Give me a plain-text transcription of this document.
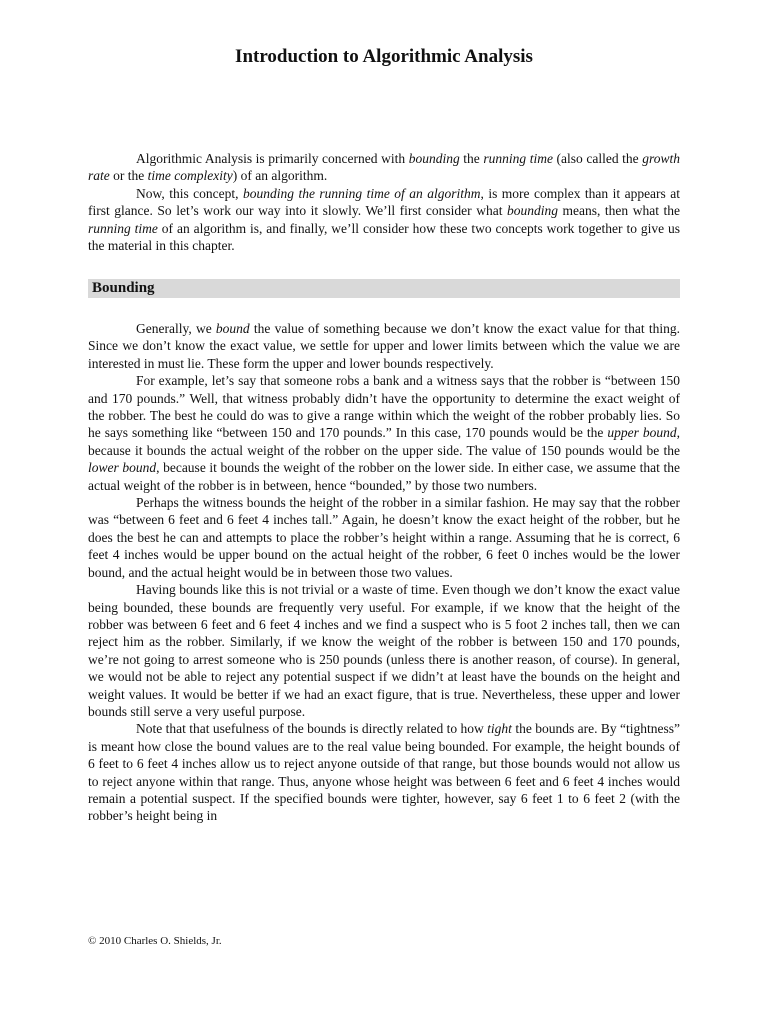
Introduction to Algorithmic Analysis

Algorithmic Analysis is primarily concerned with bounding the running time (also called the growth rate or the time complexity) of an algorithm.

Now, this concept, bounding the running time of an algorithm, is more complex than it appears at first glance. So let’s work our way into it slowly. We’ll first consider what bounding means, then what the running time of an algorithm is, and finally, we’ll consider how these two concepts work together to give us the material in this chapter.

Bounding

Generally, we bound the value of something because we don’t know the exact value for that thing. Since we don’t know the exact value, we settle for upper and lower limits between which the value we are interested in must lie. These form the upper and lower bounds respectively.

For example, let’s say that someone robs a bank and a witness says that the robber is “between 150 and 170 pounds.” Well, that witness probably didn’t have the opportunity to determine the exact weight of the robber. The best he could do was to give a range within which the weight of the robber probably lies. So he says something like “between 150 and 170 pounds.” In this case, 170 pounds would be the upper bound, because it bounds the actual weight of the robber on the upper side. The value of 150 pounds would be the lower bound, because it bounds the weight of the robber on the lower side. In either case, we assume that the actual weight of the robber is in between, hence “bounded,” by those two numbers.

Perhaps the witness bounds the height of the robber in a similar fashion. He may say that the robber was “between 6 feet and 6 feet 4 inches tall.” Again, he doesn’t know the exact height of the robber, but he does the best he can and attempts to place the robber’s height within a range. Assuming that he is correct, 6 feet 4 inches would be upper bound on the actual height of the robber, 6 feet 0 inches would be the lower bound, and the actual height would be in between those two values.

Having bounds like this is not trivial or a waste of time. Even though we don’t know the exact value being bounded, these bounds are frequently very useful. For example, if we know that the height of the robber was between 6 feet and 6 feet 4 inches and we find a suspect who is 5 foot 2 inches tall, then we can reject him as the robber. Similarly, if we know the weight of the robber is between 150 and 170 pounds, we’re not going to arrest someone who is 250 pounds (unless there is another reason, of course). In general, we would not be able to reject any potential suspect if we didn’t at least have the bounds on the height and weight values. It would be better if we had an exact figure, that is true. Nevertheless, these upper and lower bounds still serve a very useful purpose.

Note that that usefulness of the bounds is directly related to how tight the bounds are. By “tightness” is meant how close the bound values are to the real value being bounded. For example, the height bounds of 6 feet to 6 feet 4 inches allow us to reject anyone outside of that range, but those bounds would not allow us to reject anyone within that range. Thus, anyone whose height was between 6 feet and 6 feet 4 inches would remain a potential suspect. If the specified bounds were tighter, however, say 6 feet 1 to 6 feet 2 (with the robber’s height being in

© 2010 Charles O. Shields, Jr.
